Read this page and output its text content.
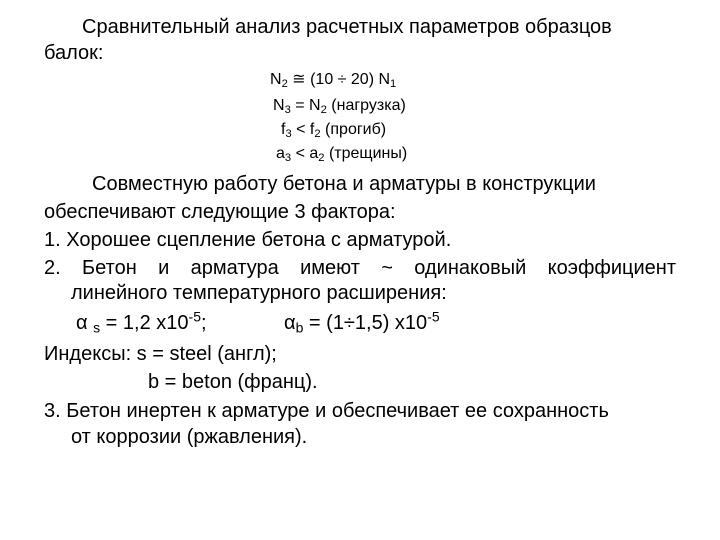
Сравнительный анализ расчетных параметров образцов
балок:
$N_2$ ≅ (10 ÷ 20) $N_1$
$N_3 = N_2$ (нагрузка)
$f_3 < f_2$ (прогиб)
$a_3 < a_2$ (трещины)
Совместную работу бетона и арматуры в конструкции
обеспечивают следующие 3 фактора:
1. Хорошее сцепление бетона с арматурой.
2. Бетон и арматура имеют ~ одинаковый коэффициент
линейного температурного расширения:
α $_s$ = 1,2 $x10^{-5}$;	$\alpha_b = (1\div 1,5)$ $x10^{-5}$
Индексы: s = steel (англ);
b = beton (франц).
3. Бетон инертен к арматуре и обеспечивает ее сохранность
от коррозии (ржавления).
